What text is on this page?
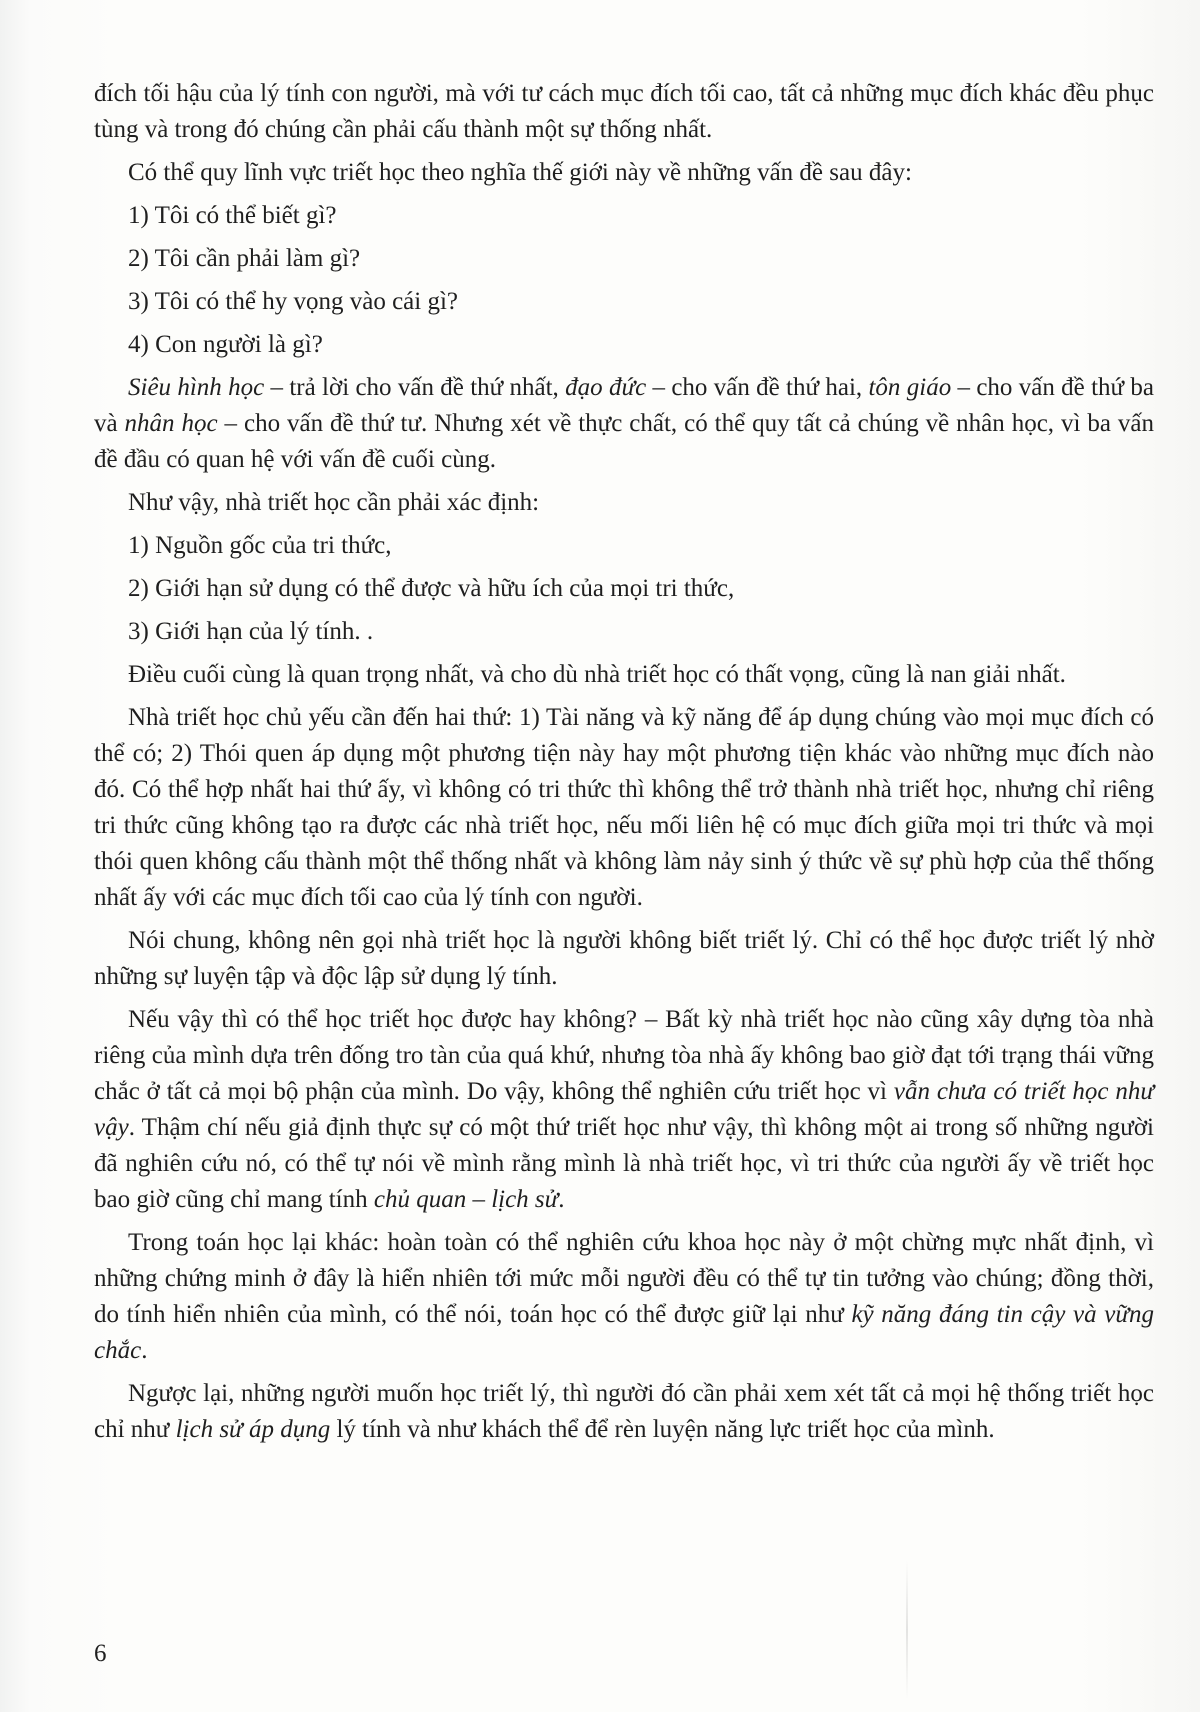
đích tối hậu của lý tính con người, mà với tư cách mục đích tối cao, tất cả những mục đích khác đều phục tùng và trong đó chúng cần phải cấu thành một sự thống nhất.

Có thể quy lĩnh vực triết học theo nghĩa thế giới này về những vấn đề sau đây:

1) Tôi có thể biết gì?

2) Tôi cần phải làm gì?

3) Tôi có thể hy vọng vào cái gì?

4) Con người là gì?

Siêu hình học – trả lời cho vấn đề thứ nhất, đạo đức – cho vấn đề thứ hai, tôn giáo – cho vấn đề thứ ba và nhân học – cho vấn đề thứ tư. Nhưng xét về thực chất, có thể quy tất cả chúng về nhân học, vì ba vấn đề đầu có quan hệ với vấn đề cuối cùng.

Như vậy, nhà triết học cần phải xác định:

1) Nguồn gốc của tri thức,

2) Giới hạn sử dụng có thể được và hữu ích của mọi tri thức,

3) Giới hạn của lý tính. .

Điều cuối cùng là quan trọng nhất, và cho dù nhà triết học có thất vọng, cũng là nan giải nhất.

Nhà triết học chủ yếu cần đến hai thứ: 1) Tài năng và kỹ năng để áp dụng chúng vào mọi mục đích có thể có; 2) Thói quen áp dụng một phương tiện này hay một phương tiện khác vào những mục đích nào đó. Có thể hợp nhất hai thứ ấy, vì không có tri thức thì không thể trở thành nhà triết học, nhưng chỉ riêng tri thức cũng không tạo ra được các nhà triết học, nếu mối liên hệ có mục đích giữa mọi tri thức và mọi thói quen không cấu thành một thể thống nhất và không làm nảy sinh ý thức về sự phù hợp của thể thống nhất ấy với các mục đích tối cao của lý tính con người.

Nói chung, không nên gọi nhà triết học là người không biết triết lý. Chỉ có thể học được triết lý nhờ những sự luyện tập và độc lập sử dụng lý tính.

Nếu vậy thì có thể học triết học được hay không? – Bất kỳ nhà triết học nào cũng xây dựng tòa nhà riêng của mình dựa trên đống tro tàn của quá khứ, nhưng tòa nhà ấy không bao giờ đạt tới trạng thái vững chắc ở tất cả mọi bộ phận của mình. Do vậy, không thể nghiên cứu triết học vì vẫn chưa có triết học như vậy. Thậm chí nếu giả định thực sự có một thứ triết học như vậy, thì không một ai trong số những người đã nghiên cứu nó, có thể tự nói về mình rằng mình là nhà triết học, vì tri thức của người ấy về triết học bao giờ cũng chỉ mang tính chủ quan – lịch sử.

Trong toán học lại khác: hoàn toàn có thể nghiên cứu khoa học này ở một chừng mực nhất định, vì những chứng minh ở đây là hiển nhiên tới mức mỗi người đều có thể tự tin tưởng vào chúng; đồng thời, do tính hiển nhiên của mình, có thể nói, toán học có thể được giữ lại như kỹ năng đáng tin cậy và vững chắc.

Ngược lại, những người muốn học triết lý, thì người đó cần phải xem xét tất cả mọi hệ thống triết học chỉ như lịch sử áp dụng lý tính và như khách thể để rèn luyện năng lực triết học của mình.

6
